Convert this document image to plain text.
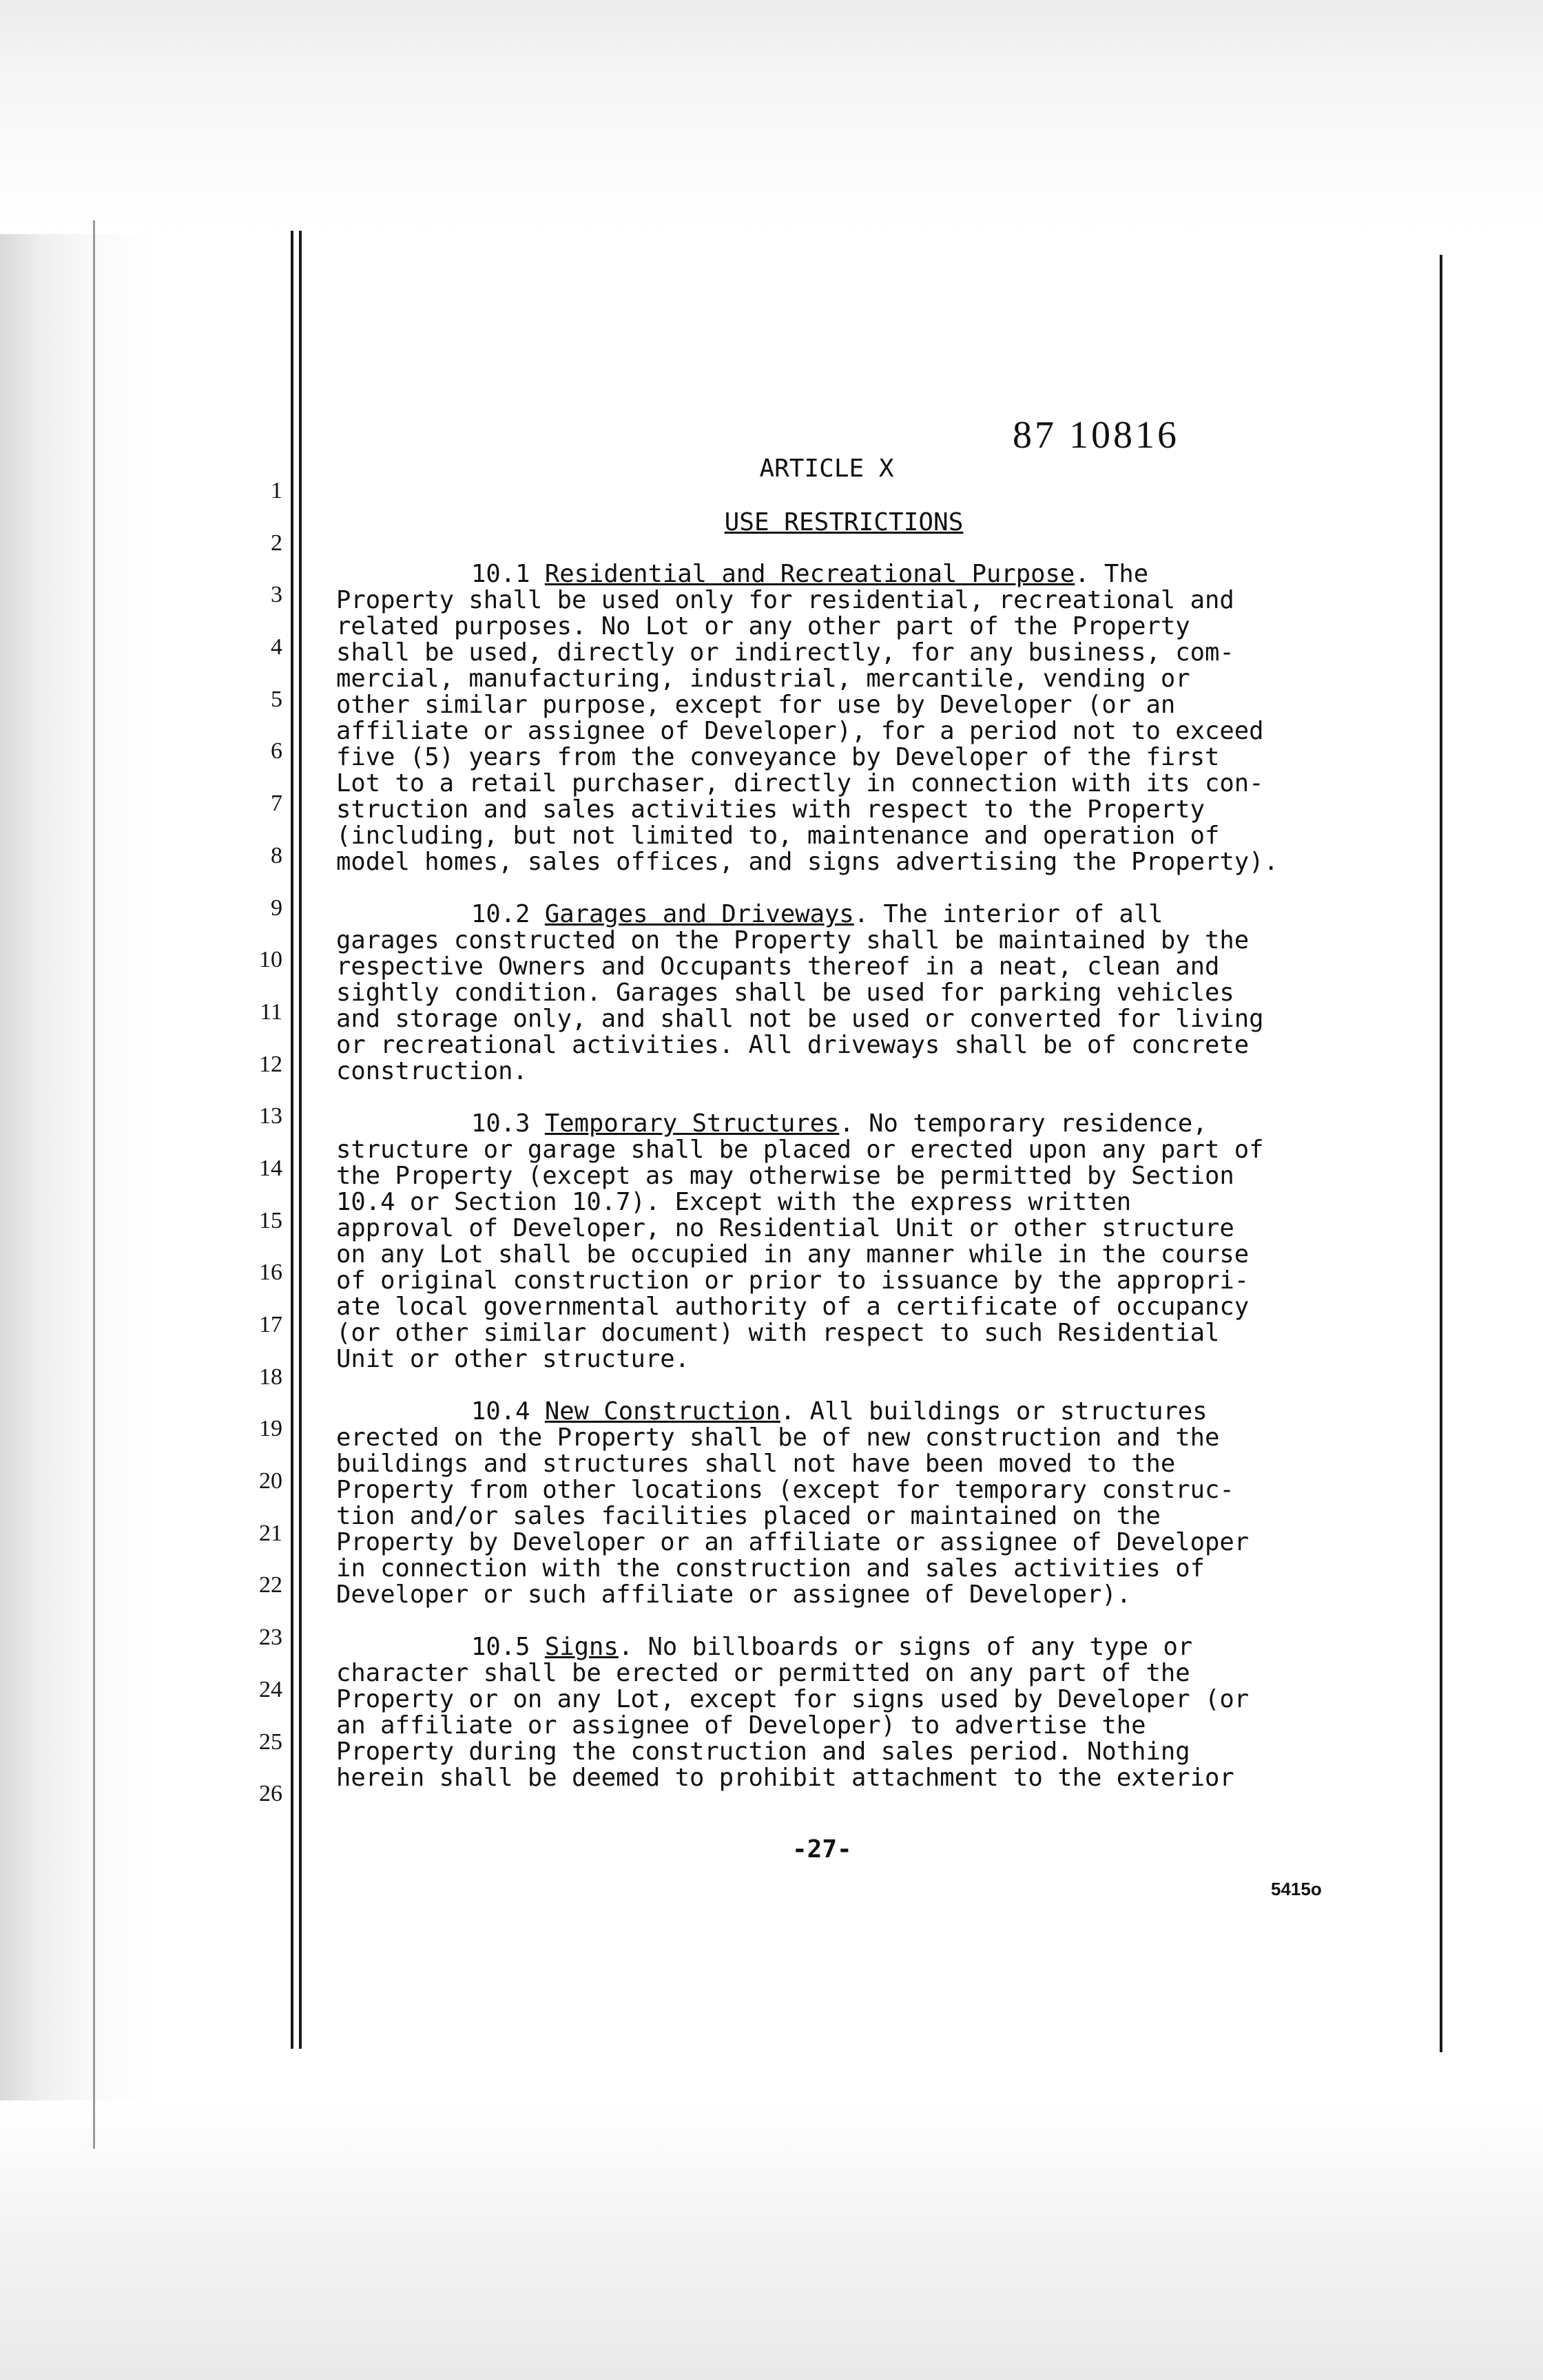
1
2
3
4
5
6
7
8
9
10
11
12
13
14
15
16
17
18
19
20
21
22
23
24
25
26
87 10816
ARTICLE X
USE RESTRICTIONS
10.1 Residential and Recreational Purpose. The
Property shall be used only for residential, recreational and
related purposes. No Lot or any other part of the Property
shall be used, directly or indirectly, for any business, com-
mercial, manufacturing, industrial, mercantile, vending or
other similar purpose, except for use by Developer (or an
affiliate or assignee of Developer), for a period not to exceed
five (5) years from the conveyance by Developer of the first
Lot to a retail purchaser, directly in connection with its con-
struction and sales activities with respect to the Property
(including, but not limited to, maintenance and operation of
model homes, sales offices, and signs advertising the Property).
10.2 Garages and Driveways. The interior of all
garages constructed on the Property shall be maintained by the
respective Owners and Occupants thereof in a neat, clean and
sightly condition. Garages shall be used for parking vehicles
and storage only, and shall not be used or converted for living
or recreational activities. All driveways shall be of concrete
construction.
10.3 Temporary Structures. No temporary residence,
structure or garage shall be placed or erected upon any part of
the Property (except as may otherwise be permitted by Section
10.4 or Section 10.7). Except with the express written
approval of Developer, no Residential Unit or other structure
on any Lot shall be occupied in any manner while in the course
of original construction or prior to issuance by the appropri-
ate local governmental authority of a certificate of occupancy
(or other similar document) with respect to such Residential
Unit or other structure.
10.4 New Construction. All buildings or structures
erected on the Property shall be of new construction and the
buildings and structures shall not have been moved to the
Property from other locations (except for temporary construc-
tion and/or sales facilities placed or maintained on the
Property by Developer or an affiliate or assignee of Developer
in connection with the construction and sales activities of
Developer or such affiliate or assignee of Developer).
10.5 Signs. No billboards or signs of any type or
character shall be erected or permitted on any part of the
Property or on any Lot, except for signs used by Developer (or
an affiliate or assignee of Developer) to advertise the
Property during the construction and sales period. Nothing
herein shall be deemed to prohibit attachment to the exterior
-27-
5415o
